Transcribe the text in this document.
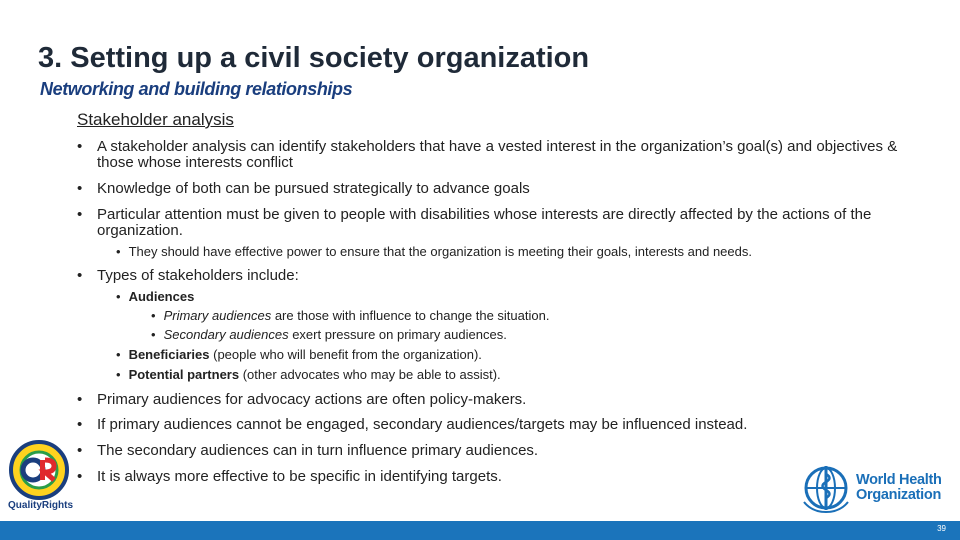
3. Setting up a civil society organization
Networking and building relationships
Stakeholder analysis
• A stakeholder analysis can identify stakeholders that have a vested interest in the organization’s goal(s) and objectives & those whose interests conflict
• Knowledge of both can be pursued strategically to advance goals
• Particular attention must be given to people with disabilities whose interests are directly affected by the actions of the organization.
• They should have effective power to ensure that the organization is meeting their goals, interests and needs.
• Types of stakeholders include:
• Audiences
• Primary audiences are those with influence to change the situation.
• Secondary audiences exert pressure on primary audiences.
• Beneficiaries (people who will benefit from the organization).
• Potential partners (other advocates who may be able to assist).
• Primary audiences for advocacy actions are often policy-makers.
• If primary audiences cannot be engaged, secondary audiences/targets may be influenced instead.
• The secondary audiences can in turn influence primary audiences.
• It is always more effective to be specific in identifying targets.
QualityRights
World Health
Organization
39
